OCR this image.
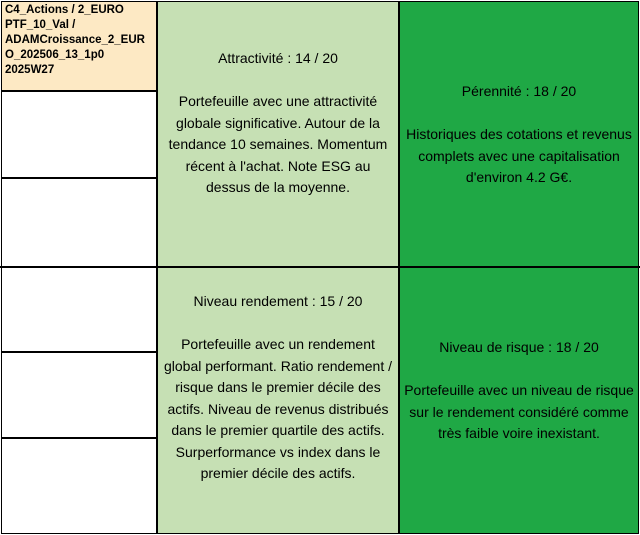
C4_Actions / 2_EURO
PTF_10_Val /
ADAMCroissance_2_EUR
O_202506_13_1p0
2025W27
Attractivité : 14 / 20

Portefeuille avec une attractivité globale significative. Autour de la tendance 10 semaines. Momentum récent à l'achat. Note ESG au dessus de la moyenne.

Niveau rendement : 15 / 20

Portefeuille avec un rendement global performant. Ratio rendement / risque dans le premier décile des actifs. Niveau de revenus distribués dans le premier quartile des actifs. Surperformance vs index dans le premier décile des actifs.

Pérennité : 18 / 20

Historiques des cotations et revenus complets avec une capitalisation d'environ 4.2 G€.

Niveau de risque : 18 / 20

Portefeuille avec un niveau de risque sur le rendement considéré comme très faible voire inexistant.
